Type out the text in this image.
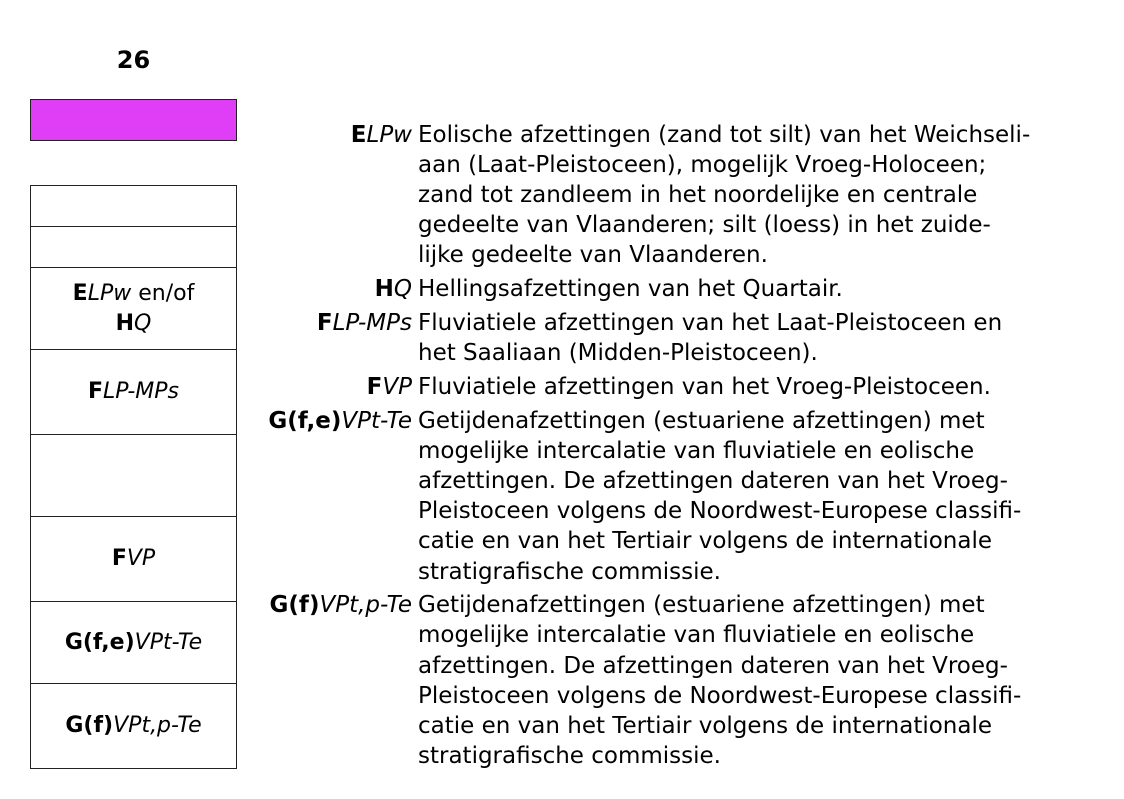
26
ELPw en/of
HQ
FLP-MPs
FVP
G(f,e)VPt-Te
G(f)VPt,p-Te
ELPw Eolische afzettingen (zand tot silt) van het Weichseli-
aan (Laat-Pleistoceen), mogelijk Vroeg-Holoceen;
zand tot zandleem in het noordelijke en centrale
gedeelte van Vlaanderen; silt (loess) in het zuide-
lijke gedeelte van Vlaanderen.
HQ Hellingsafzettingen van het Quartair.
FLP-MPs Fluviatiele afzettingen van het Laat-Pleistoceen en
het Saaliaan (Midden-Pleistoceen).
FVP Fluviatiele afzettingen van het Vroeg-Pleistoceen.
G(f,e)VPt-Te Getijdenafzettingen (estuariene afzettingen) met
mogelijke intercalatie van fluviatiele en eolische
afzettingen. De afzettingen dateren van het Vroeg-
Pleistoceen volgens de Noordwest-Europese classifi-
catie en van het Tertiair volgens de internationale
stratigrafische commissie.
G(f)VPt,p-Te Getijdenafzettingen (estuariene afzettingen) met
mogelijke intercalatie van fluviatiele en eolische
afzettingen. De afzettingen dateren van het Vroeg-
Pleistoceen volgens de Noordwest-Europese classifi-
catie en van het Tertiair volgens de internationale
stratigrafische commissie.
